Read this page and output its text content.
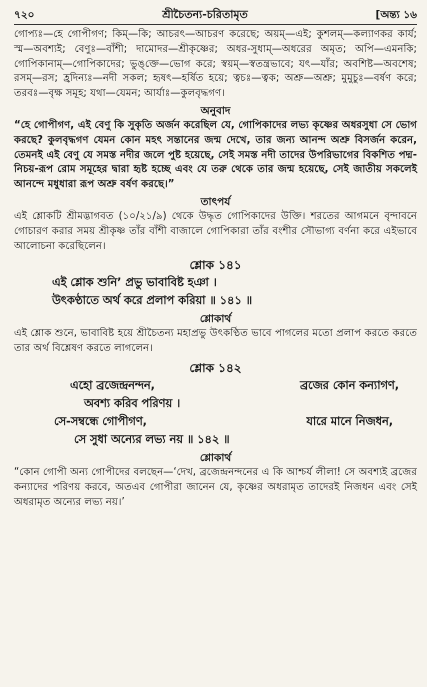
৭২০	শ্রীচৈতন্য-চরিতামৃত	[অন্ত্য ১৬

গোপ্যঃ—হে গোপীগণ; কিম্—কি; আচরৎ—আচরণ করেছে; অয়ম্—এই; কুশলম্—কল্যাণকর কার্য; স্ম—অবশ্যই; বেণুঃ—বাঁশী; দামোদর—শ্রীকৃষ্ণের; অধর-সুধাম্—অধরের অমৃত; অপি—এমনকি; গোপিকানাম্—গোপিকাদের; ভুঙ্‌ক্তে—ভোগ করে; স্বয়ম্—স্বতন্ত্রভাবে; যৎ—যাঁর; অবশিষ্ট—অবশেষ; রসম্—রস; হ্রদিন্যঃ—নদী সকল; হৃষৎ—হর্ষিত হয়ে; ত্বচঃ—ত্বক; অশ্রু—অশ্রু; মুমুচুঃ—বর্ষণ করে; তরবঃ—বৃক্ষ সমূহ; যথা—যেমন; আর্যাঃ—কুলবৃদ্ধগণ।

অনুবাদ

“হে গোপীগণ, এই বেণু কি সুকৃতি অর্জন করেছিল যে, গোপিকাদের লভ্য কৃষ্ণের অধরসুধা সে ভোগ করছে? কুলবৃদ্ধগণ যেমন কোন মহৎ সন্তানের জন্ম দেখে, তার জন্য আনন্দ অশ্রু বিসর্জন করেন, তেমনই এই বেণু যে সমস্ত নদীর জলে পুষ্ট হয়েছে, সেই সমস্ত নদী তাদের উপরিভাগের বিকশিত পদ্ম-নিচয়-রূপ রোম সমূহের দ্বারা হৃষ্ট হচ্ছে এবং যে তরু থেকে তার জন্ম হয়েছে, সেই জাতীয় সকলেই আনন্দে মধুধারা রূপ অশ্রু বর্ষণ করছে।”

তাৎপর্য

এই শ্লোকটি শ্রীমদ্ভাগবত (১০/২১/৯) থেকে উদ্ধৃত গোপিকাদের উক্তি। শরতের আগমনে বৃন্দাবনে গোচারণ করার সময় শ্রীকৃষ্ণ তাঁর বাঁশী বাজালে গোপিকারা তাঁর বংশীর সৌভাগ্য বর্ণনা করে এইভাবে আলোচনা করেছিলেন।

শ্লোক ১৪১
এই শ্লোক শুনি’ প্রভু ভাবাবিষ্ট হঞা ।
উৎকণ্ঠাতে অর্থ করে প্রলাপ করিয়া ॥ ১৪১ ॥
শ্লোকার্থ

এই শ্লোক শুনে, ভাবাবিষ্ট হয়ে শ্রীচৈতন্য মহাপ্রভু উৎকণ্ঠিত ভাবে পাগলের মতো প্রলাপ করতে করতে তার অর্থ বিশ্লেষণ করতে লাগলেন।

শ্লোক ১৪২
এহো ব্রজেন্দ্রনন্দন,	ব্রজের কোন কন্যাগণ,
অবশ্য করিব পরিণয় ।
সে-সম্বন্ধে গোপীগণ,	যারে মানে নিজধন,
সে সুধা অন্যের লভ্য নয় ॥ ১৪২ ॥
শ্লোকার্থ

“কোন গোপী অন্য গোপীদের বলছেন—‘দেখ, ব্রজেন্দ্রনন্দনের এ কি আশ্চর্য লীলা! সে অবশ্যই ব্রজের কন্যাদের পরিণয় করবে, অতএব গোপীরা জানেন যে, কৃষ্ণের অধরামৃত তাদেরই নিজধন এবং সেই অধরামৃত অন্যের লভ্য নয়।’
